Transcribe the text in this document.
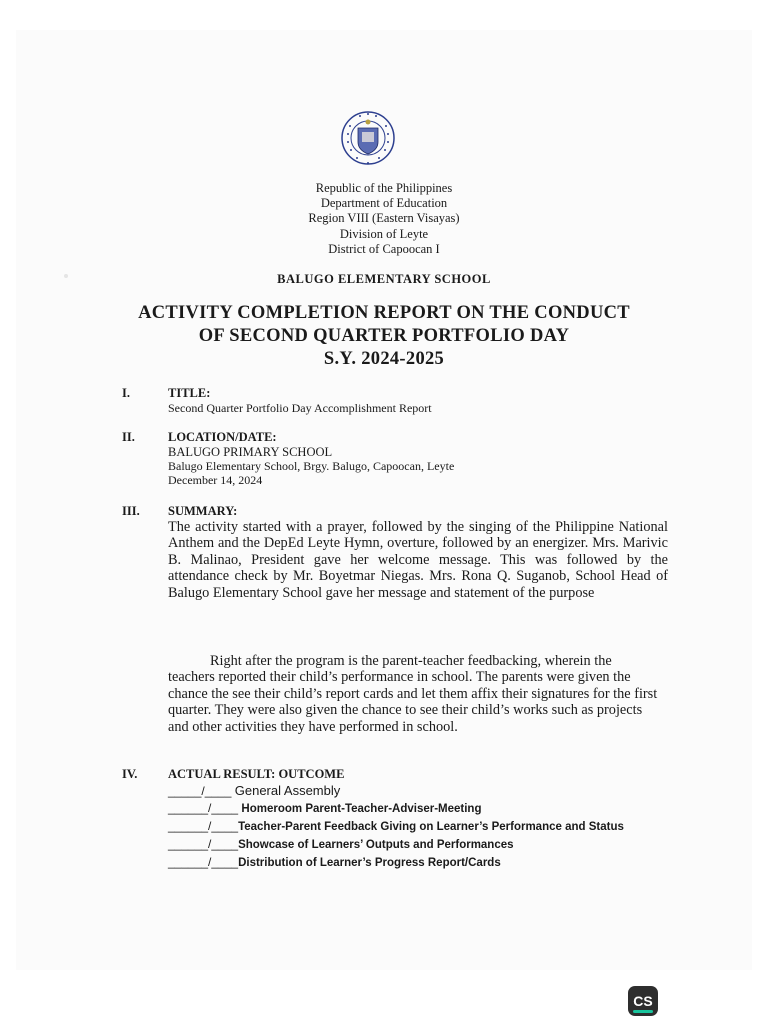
Republic of the Philippines
Department of Education
Region VIII (Eastern Visayas)
Division of Leyte
District of Capoocan I
BALUGO ELEMENTARY SCHOOL
ACTIVITY COMPLETION REPORT ON THE CONDUCT
OF SECOND QUARTER PORTFOLIO DAY
S.Y. 2024-2025
I.	TITLE:
Second Quarter Portfolio Day Accomplishment Report
II.	LOCATION/DATE:
BALUGO PRIMARY SCHOOL
Balugo Elementary School, Brgy. Balugo, Capoocan, Leyte
December 14, 2024
III. SUMMARY:
The activity started with a prayer, followed by the singing of the Philippine National Anthem and the DepEd Leyte Hymn, overture, followed by an energizer. Mrs. Marivic B. Malinao, President gave her welcome message. This was followed by the attendance check by Mr. Boyetmar Niegas. Mrs. Rona Q. Suganob, School Head of Balugo Elementary School gave her message and statement of the purpose
Right after the program is the parent-teacher feedbacking, wherein the teachers reported their child’s performance in school. The parents were given the chance the see their child’s report cards and let them affix their signatures for the first quarter. They were also given the chance to see their child’s works such as projects and other activities they have performed in school.
IV. ACTUAL RESULT: OUTCOME
_____/____ General Assembly
______/____ Homeroom Parent-Teacher-Adviser-Meeting
______/____Teacher-Parent Feedback Giving on Learner’s Performance and Status
______/____Showcase of Learners’ Outputs and Performances
______/____Distribution of Learner’s Progress Report/Cards
CS
